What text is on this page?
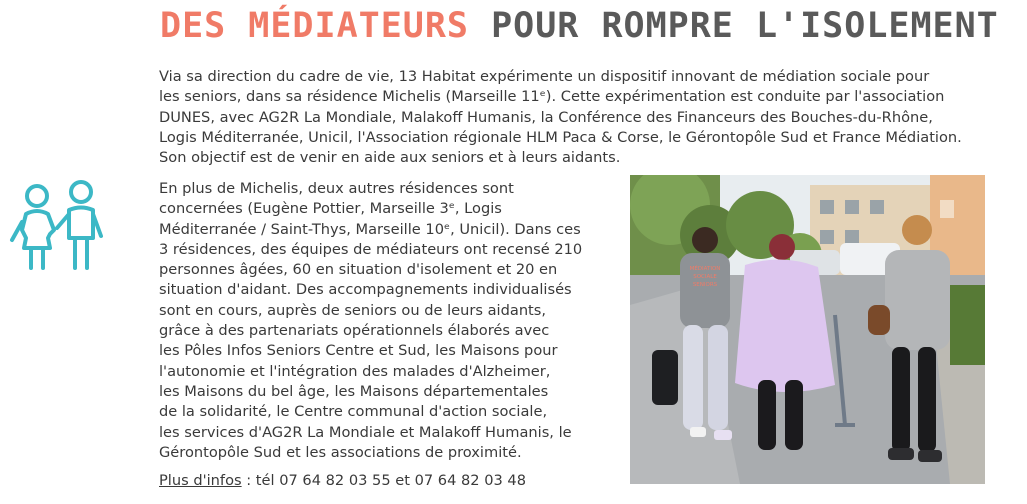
DES MÉDIATEURS POUR ROMPRE L'ISOLEMENT

Via sa direction du cadre de vie, 13 Habitat expérimente un dispositif innovant de médiation sociale pour
les seniors, dans sa résidence Michelis (Marseille 11ᵉ). Cette expérimentation est conduite par l'association
DUNES, avec AG2R La Mondiale, Malakoff Humanis, la Conférence des Financeurs des Bouches-du-Rhône,
Logis Méditerranée, Unicil, l'Association régionale HLM Paca & Corse, le Gérontopôle Sud et France Médiation.
Son objectif est de venir en aide aux seniors et à leurs aidants.

En plus de Michelis, deux autres résidences sont
concernées (Eugène Pottier, Marseille 3ᵉ, Logis
Méditerranée / Saint-Thys, Marseille 10ᵉ, Unicil). Dans ces
3 résidences, des équipes de médiateurs ont recensé 210
personnes âgées, 60 en situation d'isolement et 20 en
situation d'aidant. Des accompagnements individualisés
sont en cours, auprès de seniors ou de leurs aidants,
grâce à des partenariats opérationnels élaborés avec
les Pôles Infos Seniors Centre et Sud, les Maisons pour
l'autonomie et l'intégration des malades d'Alzheimer,
les Maisons du bel âge, les Maisons départementales
de la solidarité, le Centre communal d'action sociale,
les services d'AG2R La Mondiale et Malakoff Humanis, le
Gérontopôle Sud et les associations de proximité.

Plus d'infos : tél 07 64 82 03 55 et 07 64 82 03 48

MÉDIATION
SOCIALE
SENIORS
